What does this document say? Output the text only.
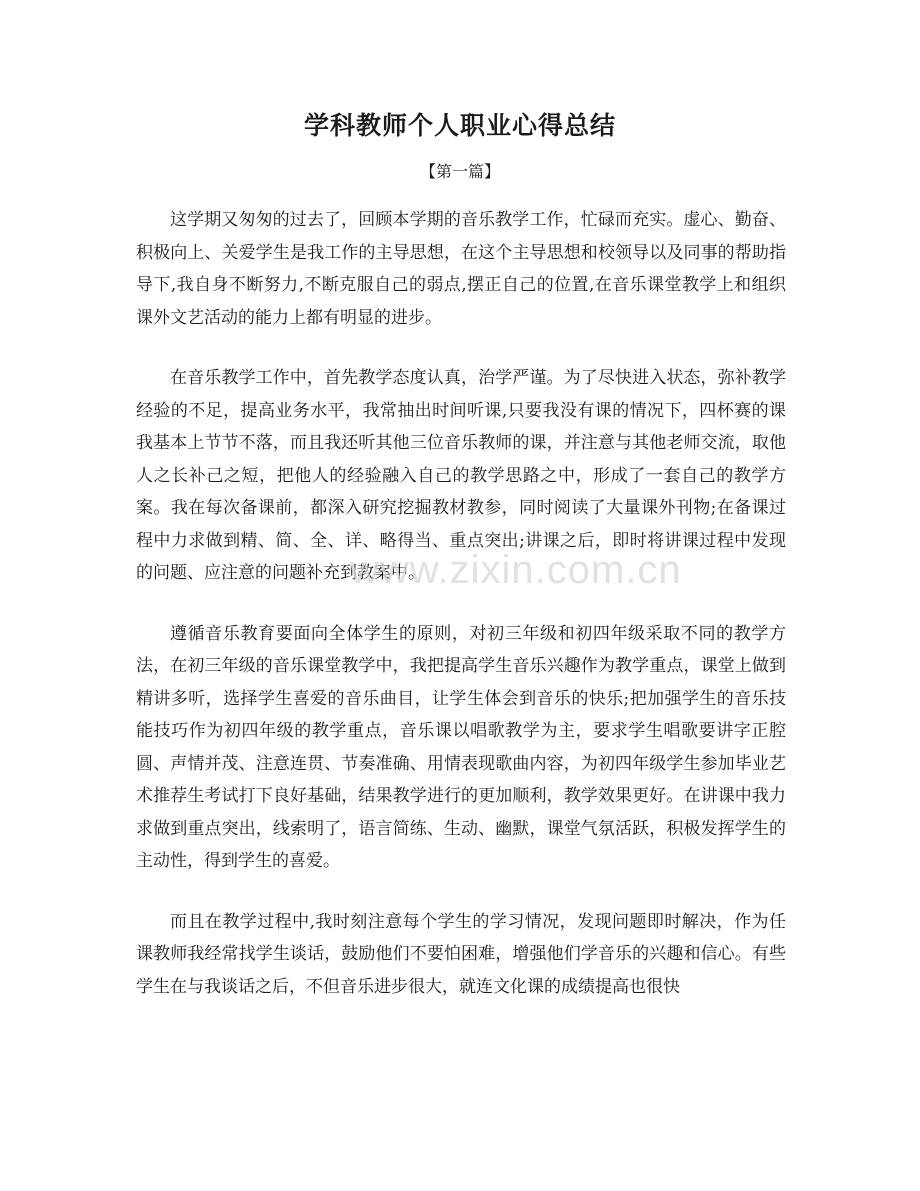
学科教师个人职业心得总结

【第一篇】

这学期又匆匆的过去了，回顾本学期的音乐教学工作，忙碌而充实。虚心、勤奋、积极向上、关爱学生是我工作的主导思想，在这个主导思想和校领导以及同事的帮助指导下,我自身不断努力,不断克服自己的弱点,摆正自己的位置,在音乐课堂教学上和组织课外文艺活动的能力上都有明显的进步。

在音乐教学工作中，首先教学态度认真，治学严谨。为了尽快进入状态，弥补教学经验的不足，提高业务水平，我常抽出时间听课,只要我没有课的情况下，四杯赛的课我基本上节节不落，而且我还听其他三位音乐教师的课，并注意与其他老师交流，取他人之长补己之短，把他人的经验融入自己的教学思路之中，形成了一套自己的教学方案。我在每次备课前，都深入研究挖掘教材教参，同时阅读了大量课外刊物;在备课过程中力求做到精、简、全、详、略得当、重点突出;讲课之后，即时将讲课过程中发现的问题、应注意的问题补充到教案中。

遵循音乐教育要面向全体学生的原则，对初三年级和初四年级采取不同的教学方法，在初三年级的音乐课堂教学中，我把提高学生音乐兴趣作为教学重点，课堂上做到精讲多听，选择学生喜爱的音乐曲目，让学生体会到音乐的快乐;把加强学生的音乐技能技巧作为初四年级的教学重点，音乐课以唱歌教学为主，要求学生唱歌要讲字正腔圆、声情并茂、注意连贯、节奏准确、用情表现歌曲内容，为初四年级学生参加毕业艺术推荐生考试打下良好基础，结果教学进行的更加顺利，教学效果更好。在讲课中我力求做到重点突出，线索明了，语言简练、生动、幽默，课堂气氛活跃，积极发挥学生的主动性，得到学生的喜爱。

而且在教学过程中,我时刻注意每个学生的学习情况，发现问题即时解决，作为任课教师我经常找学生谈话，鼓励他们不要怕困难，增强他们学音乐的兴趣和信心。有些学生在与我谈话之后，不但音乐进步很大，就连文化课的成绩提高也很快

www.zixin.com.cn
